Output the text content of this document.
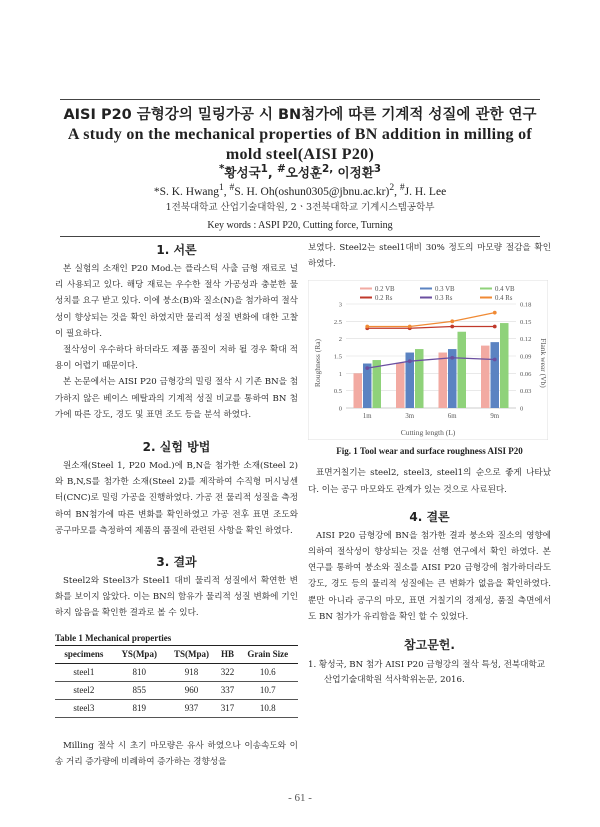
AISI P20 금형강의 밀링가공 시 BN첨가에 따른 기계적 성질에 관한 연구
A study on the mechanical properties of BN addition in milling of
mold steel(AISI P20)
*황성국$^1$, #오성훈$^{2,}$ 이정환$^3$
*S. K. Hwang$^1$, #S. H. Oh(oshun0305@jbnu.ac.kr)$^2$, #J. H. Lee
1전북대학교 산업기술대학원, 2ㆍ3전북대학교 기계시스템공학부
Key words : ASPI P20, Cutting force, Turning
1. 서론

본 실험의 소재인 P20 Mod.는 플라스틱 사출 금형 재료로 널리 사용되고 있다. 해당 재료는 우수한 절삭 가공성과 충분한 물성치를 요구 받고 있다. 이에 붕소(B)와 질소(N)을 첨가하여 절삭성이 향상되는 것을 확인 하였지만 물리적 성질 변화에 대한 고찰이 필요하다.

절삭성이 우수하다 하더라도 제품 품질이 저하 될 경우 확대 적용이 어렵기 때문이다.

본 논문에서는 AISI P20 금형강의 밀링 절삭 시 기존 BN을 첨가하지 않은 베이스 메탈과의 기계적 성질 비교를 통하여 BN 첨가에 따른 강도, 경도 및 표면 조도 등을 분석 하였다.

2. 실험 방법

원소재(Steel 1, P20 Mod.)에 B,N을 첨가한 소재(Steel 2)와 B,N,S를 첨가한 소재(Steel 2)를 제작하여 수직형 머시닝센터(CNC)로 밀링 가공을 진행하였다. 가공 전 물리적 성질을 측정하여 BN첨가에 따른 변화를 확인하였고 가공 전후 표면 조도와 공구마모를 측정하여 제품의 품질에 관련된 사항을 확인 하였다.

3. 결과

Steel2와 Steel3가 Steel1 대비 물리적 성질에서 확연한 변화를 보이지 않았다. 이는 BN의 함유가 물리적 성질 변화에 기인하지 않음을 확인한 결과로 볼 수 있다.

Table 1 Mechanical properties
specimens	YS(Mpa)	TS(Mpa)	HB	Grain Size
steel1	810	918	322	10.6
steel2	855	960	337	10.7
steel3	819	937	317	10.8

Milling 절삭 시 초기 마모량은 유사 하였으나 이송속도와 이송 거리 증가량에 비례하여 증가하는 경향성을

보였다. Steel2는 steel1대비 30% 정도의 마모량 절감을 확인하였다.

0.2 VB	0.3 VB	0.4 VB
0.2 Rs	0.3 Rs	0.4 Rs
0
0.5
1
1.5
2
2.5
3
0
0.03
0.06
0.09
0.12
0.15
0.18
1m	3m	6m	9m
Roughness (Ra)	Flank wear (Vb)
Cutting length (L)
Fig. 1 Tool wear and surface roughness AISI P20

표면거칠기는 steel2, steel3, steel1의 순으로 좋게 나타났다. 이는 공구 마모와도 관계가 있는 것으로 사료된다.

4. 결론

AISI P20 금형강에 BN을 첨가한 결과 붕소와 질소의 영향에 의하여 절삭성이 향상되는 것을 선행 연구에서 확인 하였다. 본 연구를 통하여 붕소와 질소를 AISI P20 금형강에 첨가하더라도 강도, 경도 등의 물리적 성질에는 큰 변화가 없음을 확인하였다. 뿐만 아니라 공구의 마모, 표면 거칠기의 경제성, 품질 측면에서도 BN 첨가가 유리함을 확인 할 수 있었다.

참고문헌.

1. 황성국, BN 첨가 AISI P20 금형강의 절삭 특성, 전북대학교 산업기술대학원 석사학위논문, 2016.

- 61 -
